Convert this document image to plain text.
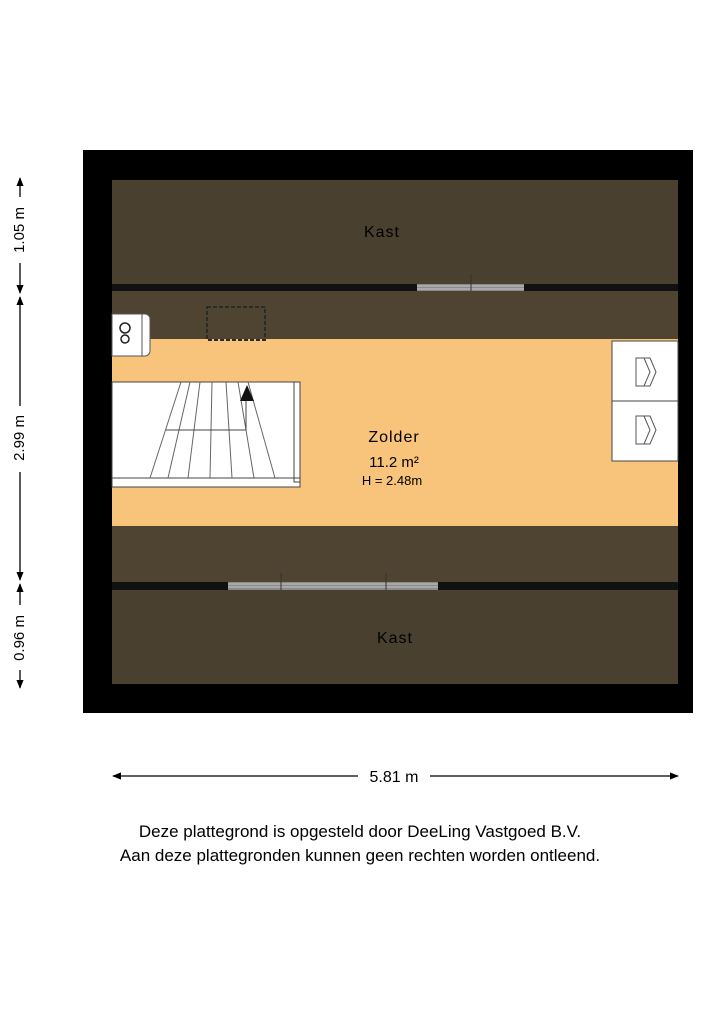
Kast
Zolder
11.2 m²
H = 2.48m
Kast
1.05 m
2.99 m
0.96 m
5.81 m
Deze plattegrond is opgesteld door DeeLing Vastgoed B.V.
Aan deze plattegronden kunnen geen rechten worden ontleend.
